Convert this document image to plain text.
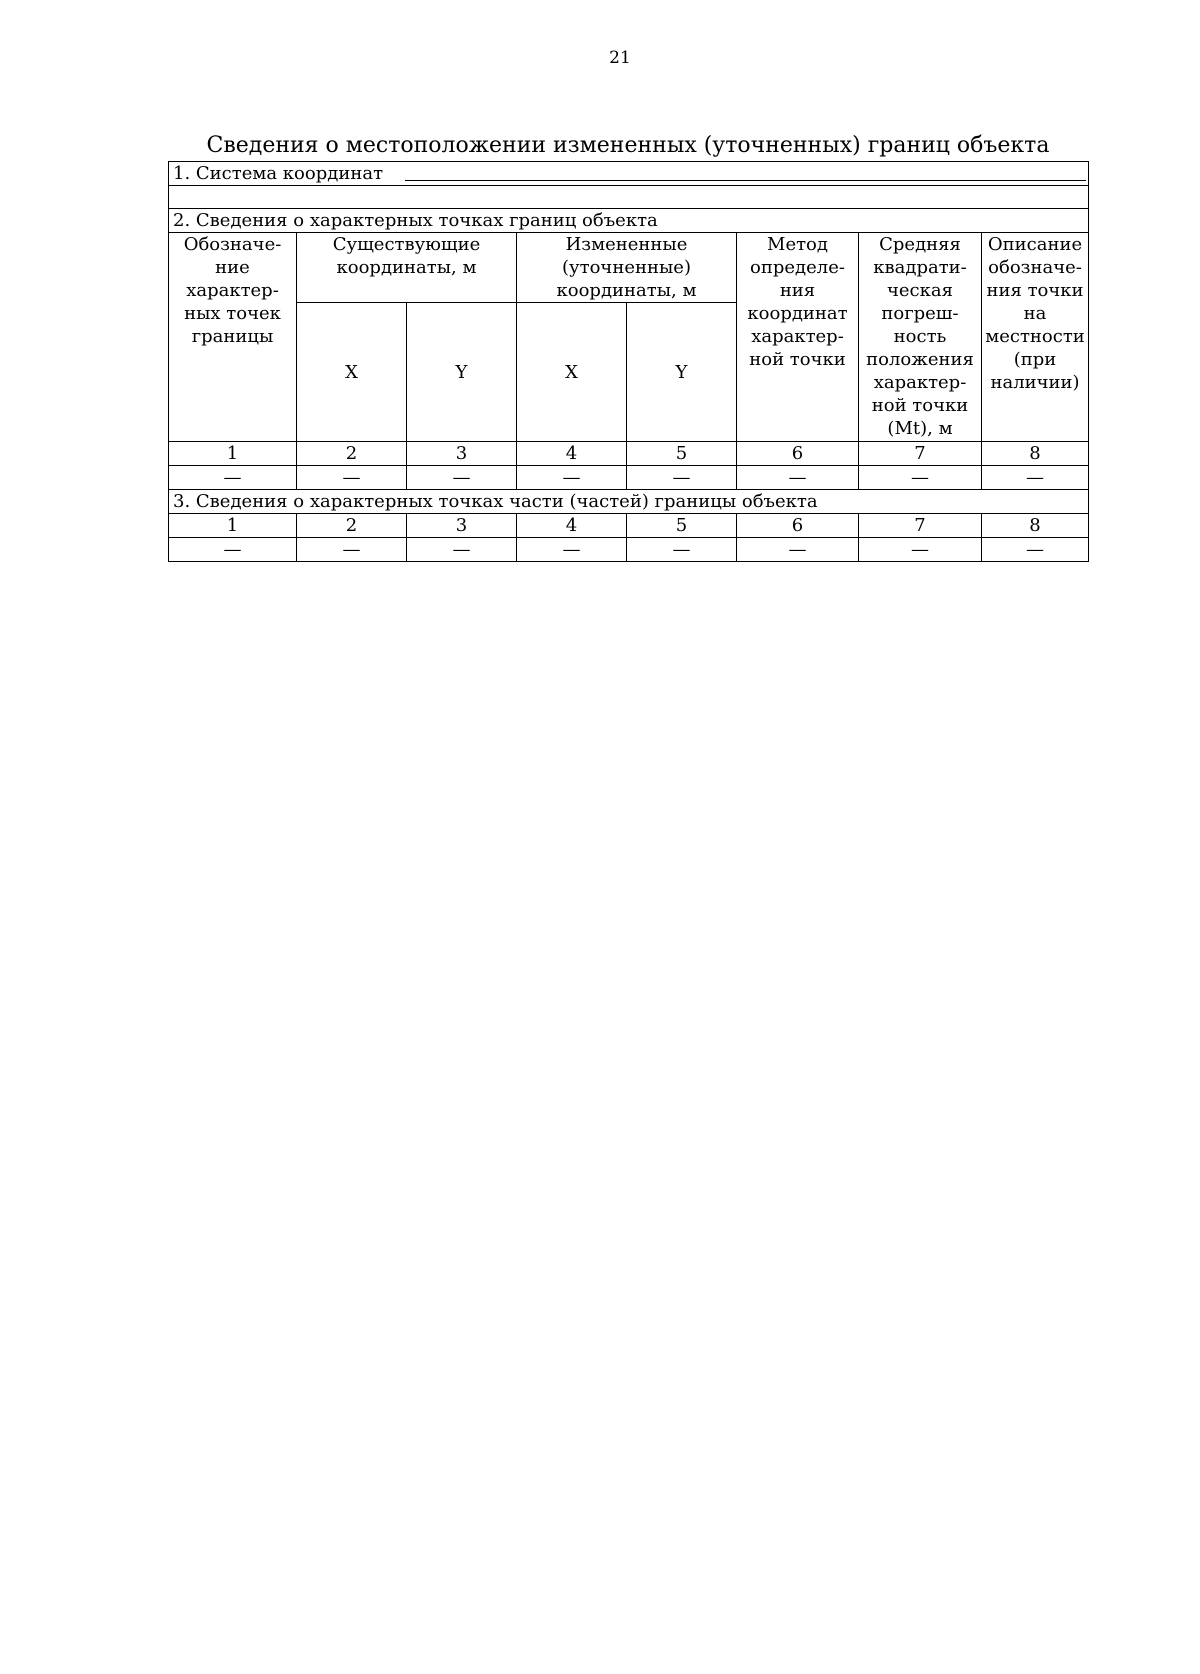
21
Сведения о местоположении измененных (уточненных) границ объекта
1. Система координат							

2. Сведения о характерных точках границ объекта							
Обозначе-ние характер-ных точек границы	Существующие координаты, м		Измененные (уточненные) координаты, м		Метод определе-ния координат характер-ной точки	Средняя квадрати-ческая погреш-ность положения характер-ной точки (Mt), м	Описание обозначе-ния точки на местности (при наличии)
	X	Y	X	Y			
1	2	3	4	5	6	7	8
—	—	—	—	—	—	—	—
3. Сведения о характерных точках части (частей) границы объекта							
1	2	3	4	5	6	7	8
—	—	—	—	—	—	—	—
